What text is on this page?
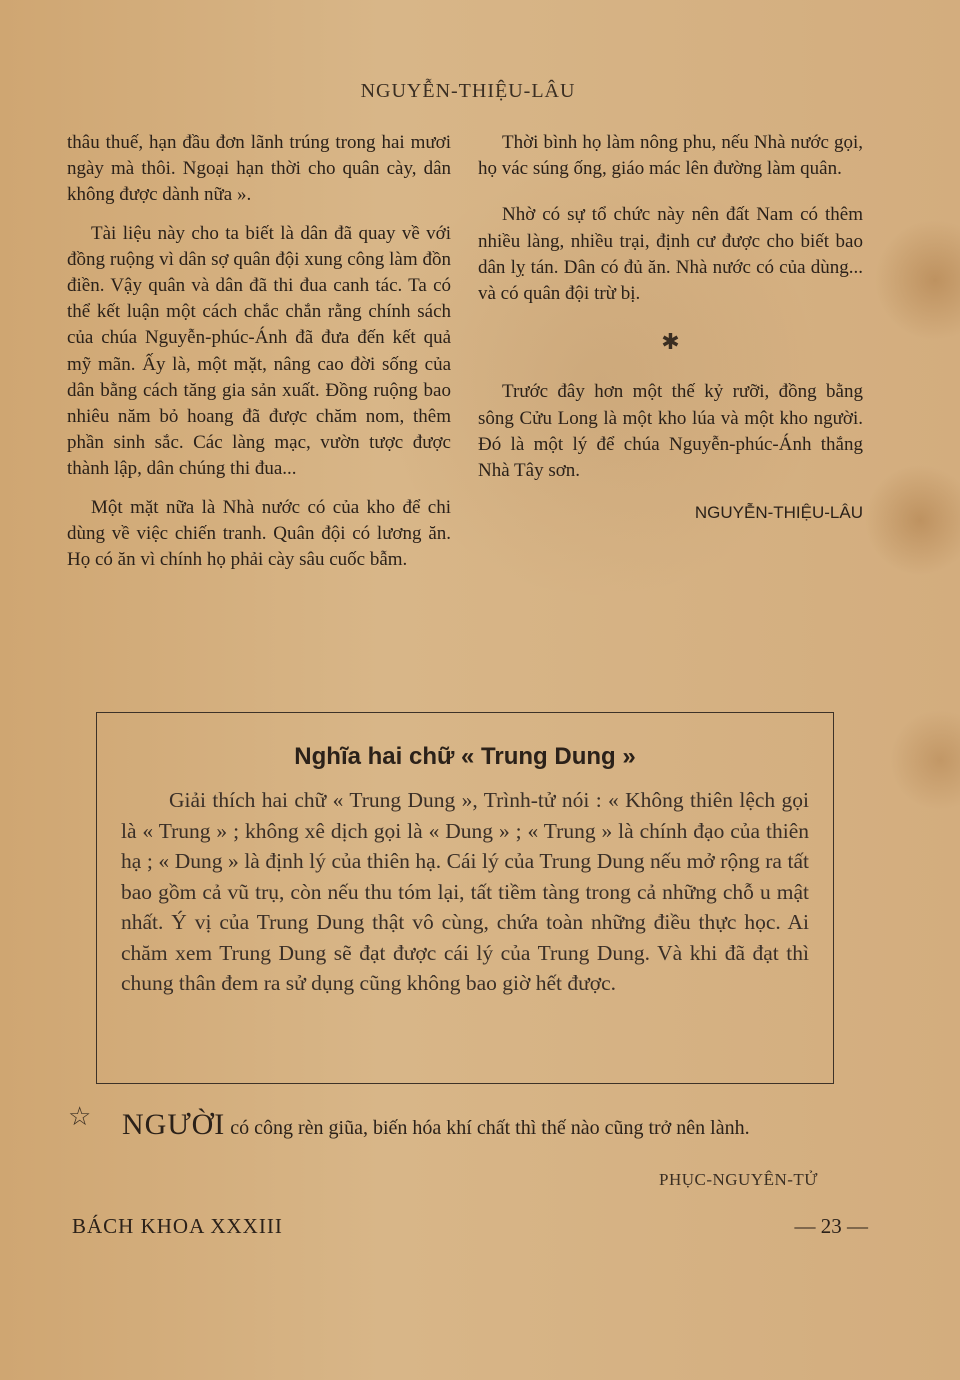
NGUYỄN-THIỆU-LÂU

thâu thuế, hạn đầu đơn lãnh trúng trong hai mươi ngày mà thôi. Ngoại hạn thời cho quân cày, dân không được dành nữa ».

Tài liệu này cho ta biết là dân đã quay về với đồng ruộng vì dân sợ quân đội xung công làm đồn điền. Vậy quân và dân đã thi đua canh tác. Ta có thể kết luận một cách chắc chắn rằng chính sách của chúa Nguyễn-phúc-Ánh đã đưa đến kết quả mỹ mãn. Ấy là, một mặt, nâng cao đời sống của dân bằng cách tăng gia sản xuất. Đồng ruộng bao nhiêu năm bỏ hoang đã được chăm nom, thêm phần sinh sắc. Các làng mạc, vườn tược được thành lập, dân chúng thi đua...

Một mặt nữa là Nhà nước có của kho để chi dùng về việc chiến tranh. Quân đội có lương ăn. Họ có ăn vì chính họ phải cày sâu cuốc bẫm.

Thời bình họ làm nông phu, nếu Nhà nước gọi, họ vác súng ống, giáo mác lên đường làm quân.

Nhờ có sự tổ chức này nên đất Nam có thêm nhiều làng, nhiều trại, định cư được cho biết bao dân lỵ tán. Dân có đủ ăn. Nhà nước có của dùng... và có quân đội trừ bị.

✱

Trước đây hơn một thế kỷ rưỡi, đồng bằng sông Cửu Long là một kho lúa và một kho người. Đó là một lý để chúa Nguyễn-phúc-Ánh thắng Nhà Tây sơn.

NGUYỄN-THIỆU-LÂU
Nghĩa hai chữ « Trung Dung »
Giải thích hai chữ « Trung Dung », Trình-tử nói : « Không thiên lệch gọi là « Trung » ; không xê dịch gọi là « Dung » ; « Trung » là chính đạo của thiên hạ ; « Dung » là định lý của thiên hạ. Cái lý của Trung Dung nếu mở rộng ra tất bao gồm cả vũ trụ, còn nếu thu tóm lại, tất tiềm tàng trong cả những chỗ u mật nhất. Ý vị của Trung Dung thật vô cùng, chứa toàn những điều thực học. Ai chăm xem Trung Dung sẽ đạt được cái lý của Trung Dung. Và khi đã đạt thì chung thân đem ra sử dụng cũng không bao giờ hết được.
☆ NGƯỜI có công rèn giũa, biến hóa khí chất thì thế nào cũng trở nên lành.
PHỤC-NGUYÊN-TỬ
BÁCH KHOA XXXIII	— 23 —
